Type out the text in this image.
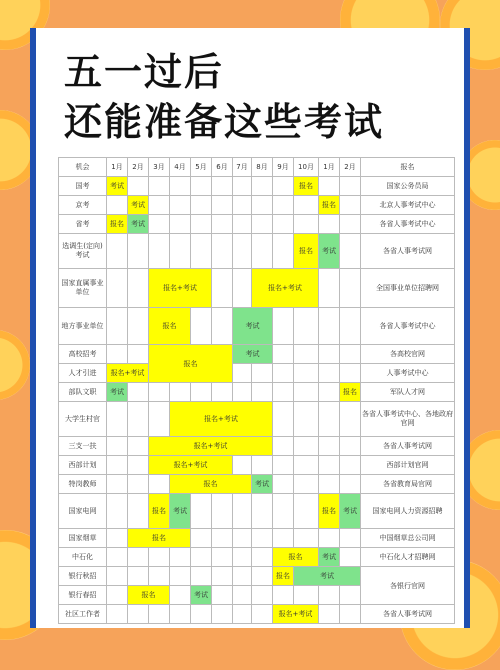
五一过后
还能准备这些考试
机会	1月	2月	3月	4月	5月	6月	7月	8月	9月	10月	1月	2月	报名
国考	考试									报名			国家公务员局
京考		考试									报名		北京人事考试中心
省考	报名	考试											各省人事考试中心
选调生(定向)考试										报名	考试		各省人事考试网
国家直属事业单位			报名+考试					报名+考试					全国事业单位招聘网
地方事业单位			报名				考试						各省人事考试中心
高校招考			报名				考试						各高校官网
人才引进	报名+考试												人事考试中心
部队文职	考试											报名	军队人才网
大学生村官				报名+考试									各省人事考试中心、各地政府官网
三支一扶			报名+考试										各省人事考试网
西部计划			报名+考试										西部计划官网
特岗教师				报名				考试					各省教育局官网
国家电网			报名	考试							报名	考试	国家电网人力资源招聘
国家烟草		报名											中国烟草总公司网
中石化									报名		考试		中石化人才招聘网
银行秋招									报名	考试			各银行官网
银行春招		报名			考试								
社区工作者									报名+考试				各省人事考试网
